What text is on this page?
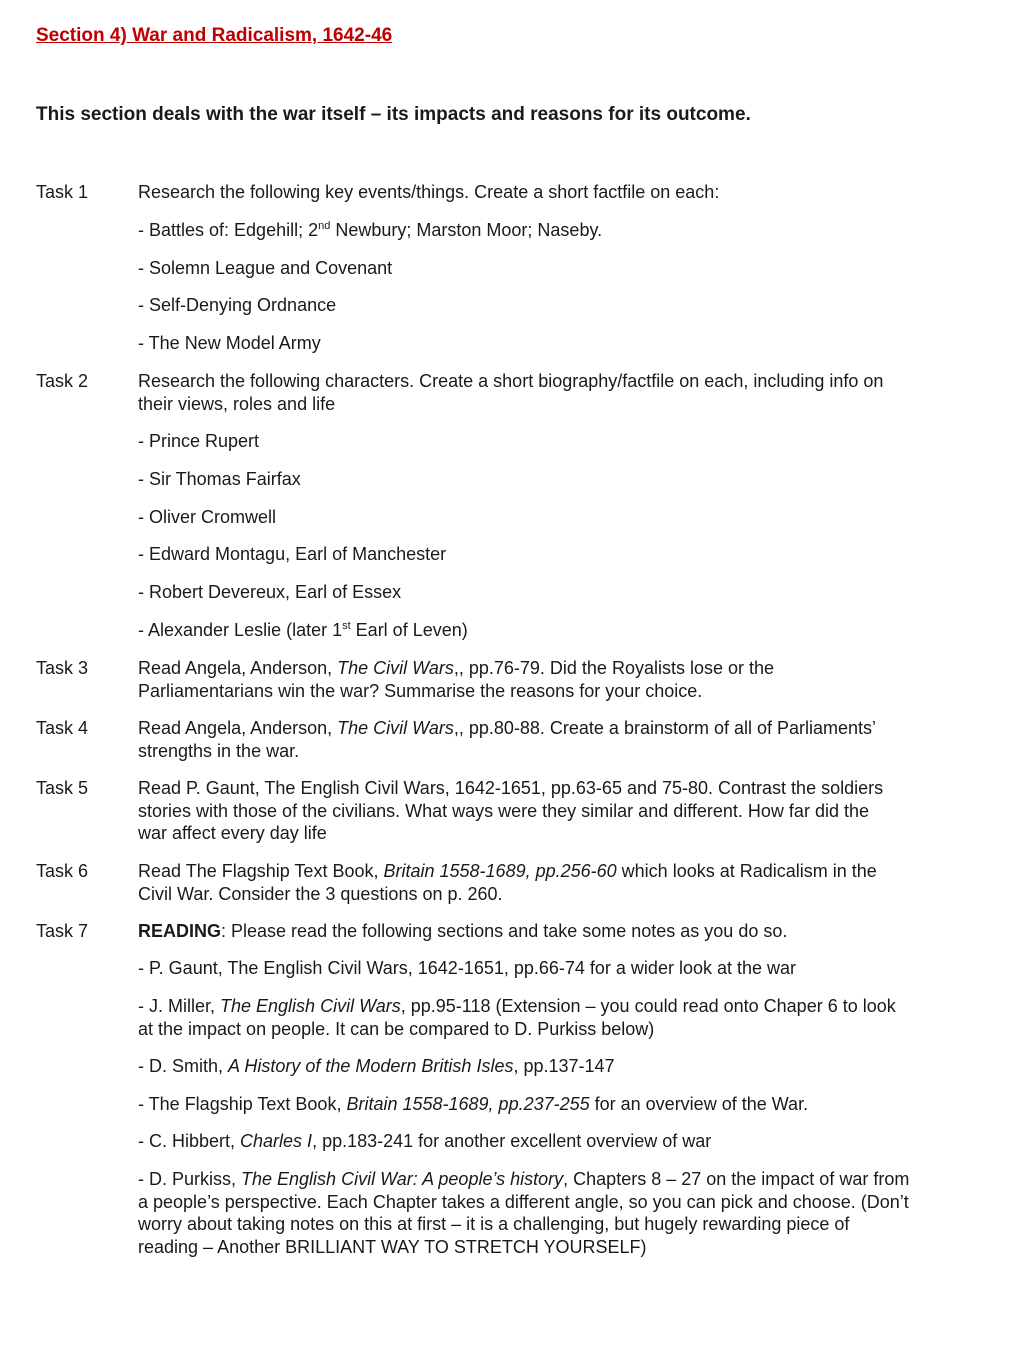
Section 4) War and Radicalism, 1642-46

This section deals with the war itself – its impacts and reasons for its outcome.

Task 1	Research the following key events/things. Create a short factfile on each:
- Battles of: Edgehill; 2nd Newbury; Marston Moor; Naseby.
- Solemn League and Covenant
- Self-Denying Ordnance
- The New Model Army
Task 2	Research the following characters. Create a short biography/factfile on each, including info on
their views, roles and life
- Prince Rupert
- Sir Thomas Fairfax
- Oliver Cromwell
- Edward Montagu, Earl of Manchester
- Robert Devereux, Earl of Essex
- Alexander Leslie (later 1st Earl of Leven)
Task 3	Read Angela, Anderson, The Civil Wars,, pp.76-79. Did the Royalists lose or the
Parliamentarians win the war? Summarise the reasons for your choice.
Task 4	Read Angela, Anderson, The Civil Wars,, pp.80-88. Create a brainstorm of all of Parliaments’
strengths in the war.
Task 5	Read P. Gaunt, The English Civil Wars, 1642-1651, pp.63-65 and 75-80. Contrast the soldiers
stories with those of the civilians. What ways were they similar and different. How far did the
war affect every day life
Task 6	Read The Flagship Text Book, Britain 1558-1689, pp.256-60 which looks at Radicalism in the
Civil War. Consider the 3 questions on p. 260.
Task 7	READING: Please read the following sections and take some notes as you do so.
- P. Gaunt, The English Civil Wars, 1642-1651, pp.66-74 for a wider look at the war
- J. Miller, The English Civil Wars, pp.95-118 (Extension – you could read onto Chaper 6 to look
at the impact on people. It can be compared to D. Purkiss below)
- D. Smith, A History of the Modern British Isles, pp.137-147
- The Flagship Text Book, Britain 1558-1689, pp.237-255 for an overview of the War.
- C. Hibbert, Charles I, pp.183-241 for another excellent overview of war
- D. Purkiss, The English Civil War: A people’s history, Chapters 8 – 27 on the impact of war from
a people’s perspective. Each Chapter takes a different angle, so you can pick and choose. (Don’t
worry about taking notes on this at first – it is a challenging, but hugely rewarding piece of
reading – Another BRILLIANT WAY TO STRETCH YOURSELF)
